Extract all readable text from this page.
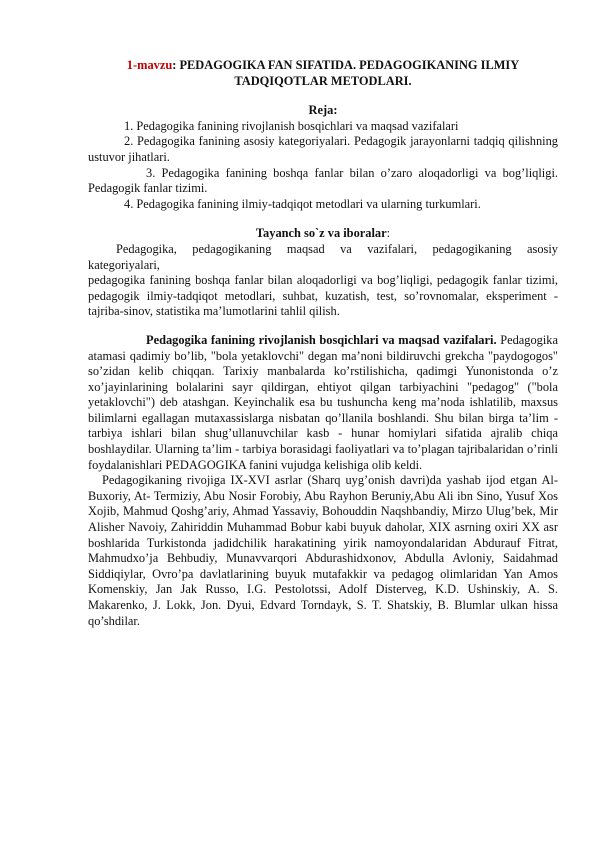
1-mavzu: PEDAGOGIKA FAN SIFATIDA. PEDAGOGIKANING ILMIY TADQIQOTLAR METODLARI.
Reja:
1. Pedagogika fanining rivojlanish bosqichlari va maqsad vazifalari
2. Pedagogika fanining asosiy kategoriyalari. Pedagogik jarayonlarni tadqiq qilishning ustuvor jihatlari.
3. Pedagogika fanining boshqa fanlar bilan o’zaro aloqadorligi va bog’liqligi. Pedagogik fanlar tizimi.
4. Pedagogika fanining ilmiy-tadqiqot metodlari va ularning turkumlari.
Tayanch so`z va iboralar:
Pedagogika, pedagogikaning maqsad va vazifalari, pedagogikaning asosiy kategoriyalari,
pedagogika fanining boshqa fanlar bilan aloqadorligi va bog’liqligi, pedagogik fanlar tizimi, pedagogik ilmiy-tadqiqot metodlari, suhbat, kuzatish, test, so’rovnomalar, eksperiment - tajriba-sinov, statistika ma’lumotlarini tahlil qilish.
Pedagogika fanining rivojlanish bosqichlari va maqsad vazifalari. Pedagogika atamasi qadimiy bo’lib, "bola yetaklovchi" degan ma’noni bildiruvchi grekcha "paydogogos" so’zidan kelib chiqqan. Tarixiy manbalarda ko’rstilishicha, qadimgi Yunonistonda o’z xo’jayinlarining bolalarini sayr qildirgan, ehtiyot qilgan tarbiyachini "pedagog" ("bola yetaklovchi") deb atashgan. Keyinchalik esa bu tushuncha keng ma’noda ishlatilib, maxsus bilimlarni egallagan mutaxassislarga nisbatan qo’llanila boshlandi. Shu bilan birga ta’lim - tarbiya ishlari bilan shug’ullanuvchilar kasb - hunar homiylari sifatida ajralib chiqa boshlaydilar. Ularning ta’lim - tarbiya borasidagi faoliyatlari va to’plagan tajribalaridan o’rinli foydalanishlari PEDAGOGIKA fanini vujudga kelishiga olib keldi.
Pedagogikaning rivojiga IX-XVI asrlar (Sharq uyg’onish davri)da yashab ijod etgan Al-Buxoriy, At- Termiziy, Abu Nosir Forobiy, Abu Rayhon Beruniy,Abu Ali ibn Sino, Yusuf Xos Xojib, Mahmud Qoshg’ariy, Ahmad Yassaviy, Bohouddin Naqshbandiy, Mirzo Ulug’bek, Mir Alisher Navoiy, Zahiriddin Muhammad Bobur kabi buyuk daholar, XIX asrning oxiri XX asr boshlarida Turkistonda jadidchilik harakatining yirik namoyondalaridan Abdurauf Fitrat, Mahmudxo’ja Behbudiy, Munavvarqori Abdurashidxonov, Abdulla Avloniy, Saidahmad Siddiqiylar, Ovro’pa davlatlarining buyuk mutafakkir va pedagog olimlaridan Yan Amos Komenskiy, Jan Jak Russo, I.G. Pestolotssi, Adolf Disterveg, K.D. Ushinskiy, A. S. Makarenko, J. Lokk, Jon. Dyui, Edvard Torndayk, S. T. Shatskiy, B. Blumlar ulkan hissa qo’shdilar.
